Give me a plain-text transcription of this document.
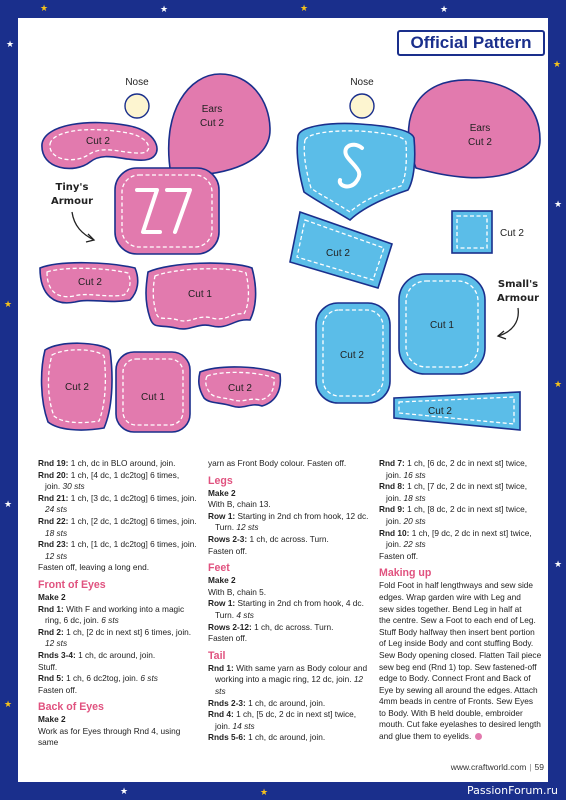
★
★	★	★	★
★
★
★
★
★
★
★
★	★
Official Pattern
Nose
Ears
Cut 2
Cut 2
Tiny's
Armour
Cut 2
Cut 1
Cut 2
Cut 1
Cut 2
Nose
Ears
Cut 2
Cut 2
Cut 2
Small's
Armour
Cut 1
Cut 2
Cut 2

Rnd 19: 1 ch, dc in BLO around, join.

Rnd 20: 1 ch, [4 dc, 1 dc2tog] 6 times,

join. 30 sts

Rnd 21: 1 ch, [3 dc, 1 dc2tog] 6 times, join.

24 sts

Rnd 22: 1 ch, [2 dc, 1 dc2tog] 6 times, join.

18 sts

Rnd 23: 1 ch, [1 dc, 1 dc2tog] 6 times, join.

12 sts

Fasten off, leaving a long end.

Front of Eyes

Make 2

Rnd 1: With F and working into a magic

ring, 6 dc, join. 6 sts

Rnd 2: 1 ch, [2 dc in next st] 6 times, join.

12 sts

Rnds 3-4: 1 ch, dc around, join.

Stuff.

Rnd 5: 1 ch, 6 dc2tog, join. 6 sts

Fasten off.

Back of Eyes

Make 2

Work as for Eyes through Rnd 4, using same

yarn as Front Body colour. Fasten off.

Legs

Make 2

With B, chain 13.

Row 1: Starting in 2nd ch from hook, 12 dc.

Turn. 12 sts

Rows 2-3: 1 ch, dc across. Turn.

Fasten off.

Feet

Make 2

With B, chain 5.

Row 1: Starting in 2nd ch from hook, 4 dc.

Turn. 4 sts

Rows 2-12: 1 ch, dc across. Turn.

Fasten off.

Tail

Rnd 1: With same yarn as Body colour and

working into a magic ring, 12 dc, join. 12 sts

Rnds 2-3: 1 ch, dc around, join.

Rnd 4: 1 ch, [5 dc, 2 dc in next st] twice,

join. 14 sts

Rnds 5-6: 1 ch, dc around, join.

Rnd 7: 1 ch, [6 dc, 2 dc in next st] twice,

join. 16 sts

Rnd 8: 1 ch, [7 dc, 2 dc in next st] twice,

join. 18 sts

Rnd 9: 1 ch, [8 dc, 2 dc in next st] twice,

join. 20 sts

Rnd 10: 1 ch, [9 dc, 2 dc in next st] twice,

join. 22 sts

Fasten off.

Making up

Fold Foot in half lengthways and sew side

edges. Wrap garden wire with Leg and

sew sides together. Bend Leg in half at

the centre. Sew a Foot to each end of Leg.

Stuff Body halfway then insert bent portion

of Leg inside Body and cont stuffing Body.

Sew Body opening closed. Flatten Tail piece

sew beg end (Rnd 1) top. Sew fastened-off

edge to Body. Connect Front and Back of

Eye by sewing all around the edges. Attach

4mm beads in centre of Fronts. Sew Eyes

to Body. With B held double, embroider

mouth. Cut fake eyelashes to desired length

and glue them to eyelids.

www.craftworld.com | 59
PassionForum.ru
